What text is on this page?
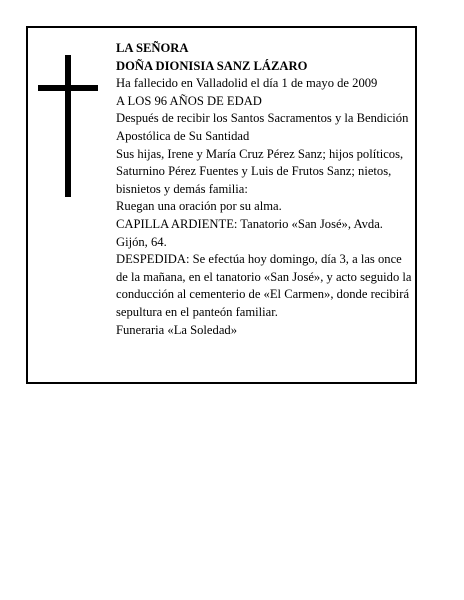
LA SEÑORA

DOÑA DIONISIA SANZ LÁZARO

Ha fallecido en Valladolid el día 1 de mayo de 2009

A LOS 96 AÑOS DE EDAD

Después de recibir los Santos Sacramentos y la Bendición Apostólica de Su Santidad

Sus hijas, Irene y María Cruz Pérez Sanz; hijos políticos, Saturnino Pérez Fuentes y Luis de Frutos Sanz; nietos, bisnietos y demás familia:

Ruegan una oración por su alma.

CAPILLA ARDIENTE: Tanatorio «San José», Avda. Gijón, 64.

DESPEDIDA: Se efectúa hoy domingo, día 3, a las once de la mañana, en el tanatorio «San José», y acto seguido la conducción al cementerio de «El Carmen», donde recibirá sepultura en el panteón familiar.

Funeraria «La Soledad»
